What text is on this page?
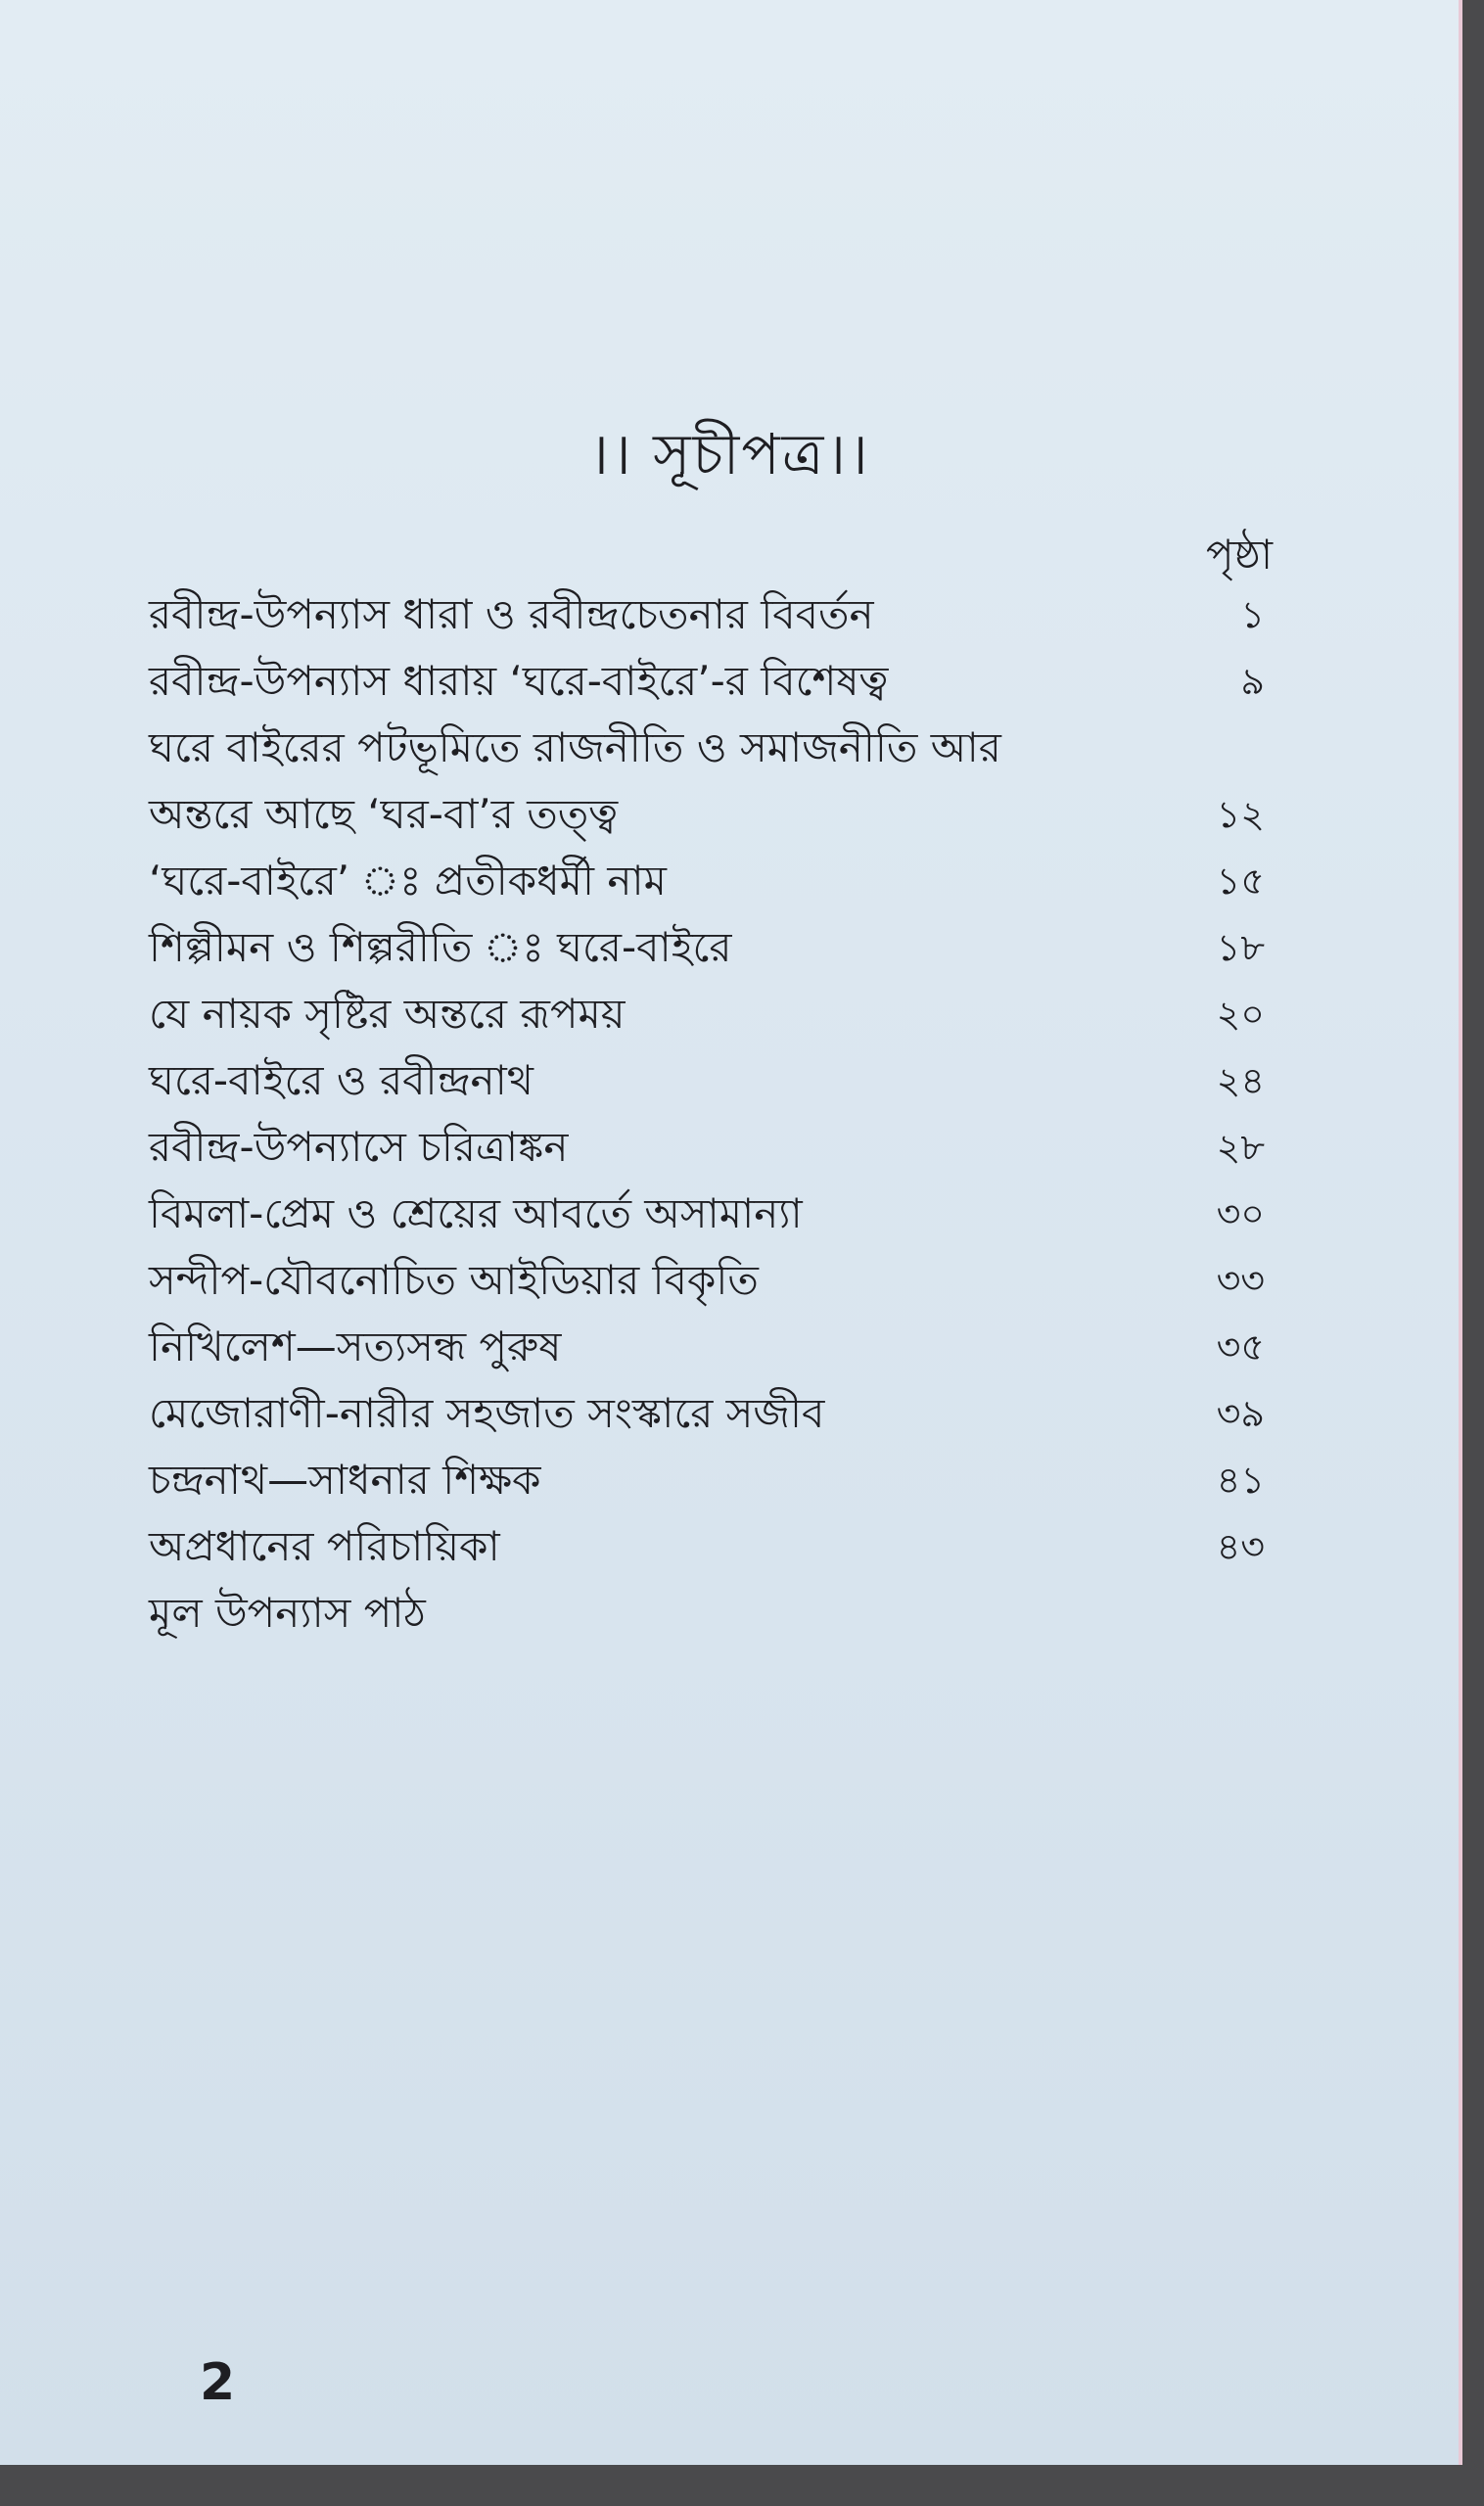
।। সূচীপত্র।।
পৃষ্ঠা
রবীন্দ্র-উপন্যাস ধারা ও রবীন্দ্রচেতনার বিবর্তন	১
রবীন্দ্র-উপন্যাস ধারায় ‘ঘরে-বাইরে’-র বিশেষত্ব	৯
ঘরে বাইরের পটভূমিতে রাজনীতি ও সমাজনীতি আর অন্তরে আছে ‘ঘর-বা’র তত্ত্ব	১২
‘ঘরে-বাইরে’ ঃ প্রতীকধর্মী নাম	১৫
শিল্পীমন ও শিল্পরীতি ঃ ঘরে-বাইরে	১৮
যে নায়ক সৃষ্টির অন্তরে রূপময়	২০
ঘরে-বাইরে ও রবীন্দ্রনাথ	২৪
রবীন্দ্র-উপন্যাসে চরিত্রাঙ্কন	২৮
বিমলা-প্রেম ও শ্রেয়ের আবর্তে অসামান্যা	৩০
সন্দীপ-যৌবনোচিত আইডিয়ার বিকৃতি	৩৩
নিখিলেশ—সত্যসন্ধ পুরুষ	৩৫
মেজোরাণী-নারীর সহজাত সংস্কারে সজীব	৩৯
চন্দ্রনাথ—সাধনার শিক্ষক	৪১
অপ্রধানের পরিচায়িকা	৪৩
মূল উপন্যাস পাঠ
2
